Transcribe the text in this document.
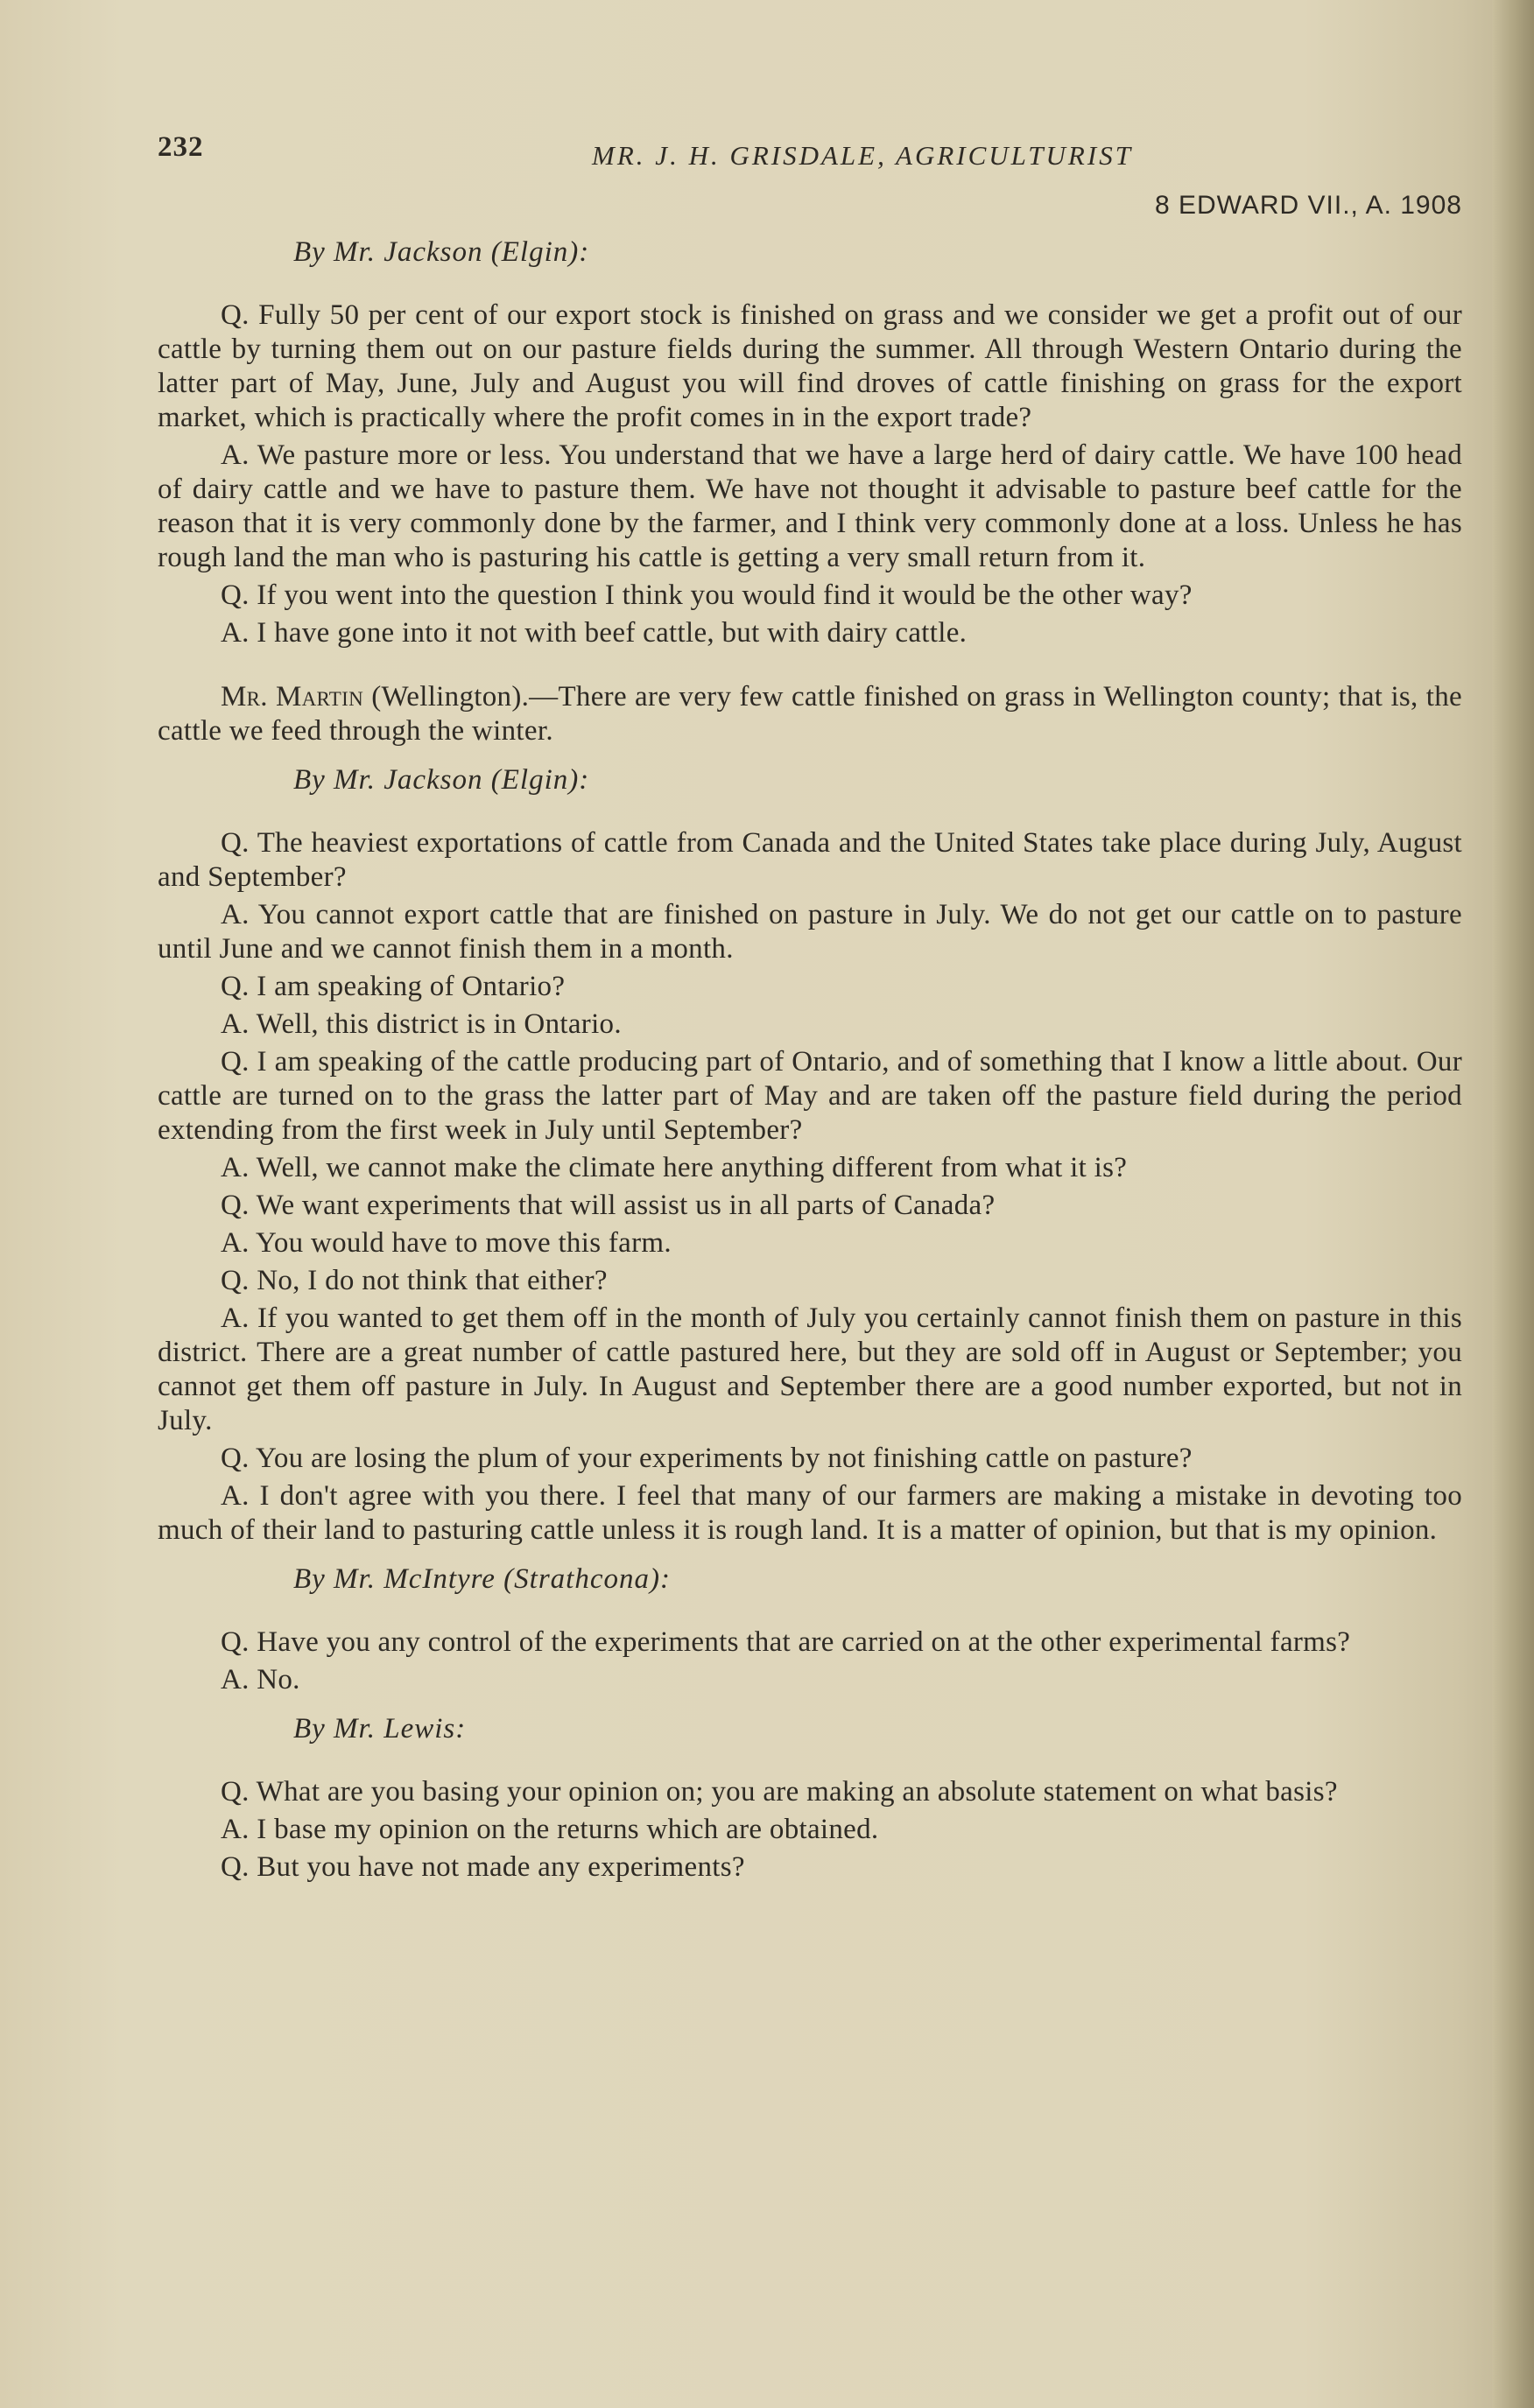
232	MR. J. H. GRISDALE, AGRICULTURIST
8 EDWARD VII., A. 1908
By Mr. Jackson (Elgin):

Q. Fully 50 per cent of our export stock is finished on grass and we consider we get a profit out of our cattle by turning them out on our pasture fields during the summer. All through Western Ontario during the latter part of May, June, July and August you will find droves of cattle finishing on grass for the export market, which is practically where the profit comes in in the export trade?

A. We pasture more or less. You understand that we have a large herd of dairy cattle. We have 100 head of dairy cattle and we have to pasture them. We have not thought it advisable to pasture beef cattle for the reason that it is very commonly done by the farmer, and I think very commonly done at a loss. Unless he has rough land the man who is pasturing his cattle is getting a very small return from it.

Q. If you went into the question I think you would find it would be the other way?

A. I have gone into it not with beef cattle, but with dairy cattle.

Mr. Martin (Wellington).—There are very few cattle finished on grass in Wellington county; that is, the cattle we feed through the winter.

By Mr. Jackson (Elgin):

Q. The heaviest exportations of cattle from Canada and the United States take place during July, August and September?

A. You cannot export cattle that are finished on pasture in July. We do not get our cattle on to pasture until June and we cannot finish them in a month.

Q. I am speaking of Ontario?

A. Well, this district is in Ontario.

Q. I am speaking of the cattle producing part of Ontario, and of something that I know a little about. Our cattle are turned on to the grass the latter part of May and are taken off the pasture field during the period extending from the first week in July until September?

A. Well, we cannot make the climate here anything different from what it is?

Q. We want experiments that will assist us in all parts of Canada?

A. You would have to move this farm.

Q. No, I do not think that either?

A. If you wanted to get them off in the month of July you certainly cannot finish them on pasture in this district. There are a great number of cattle pastured here, but they are sold off in August or September; you cannot get them off pasture in July. In August and September there are a good number exported, but not in July.

Q. You are losing the plum of your experiments by not finishing cattle on pasture?

A. I don't agree with you there. I feel that many of our farmers are making a mistake in devoting too much of their land to pasturing cattle unless it is rough land. It is a matter of opinion, but that is my opinion.

By Mr. McIntyre (Strathcona):

Q. Have you any control of the experiments that are carried on at the other experimental farms?

A. No.

By Mr. Lewis:

Q. What are you basing your opinion on; you are making an absolute statement on what basis?

A. I base my opinion on the returns which are obtained.

Q. But you have not made any experiments?
